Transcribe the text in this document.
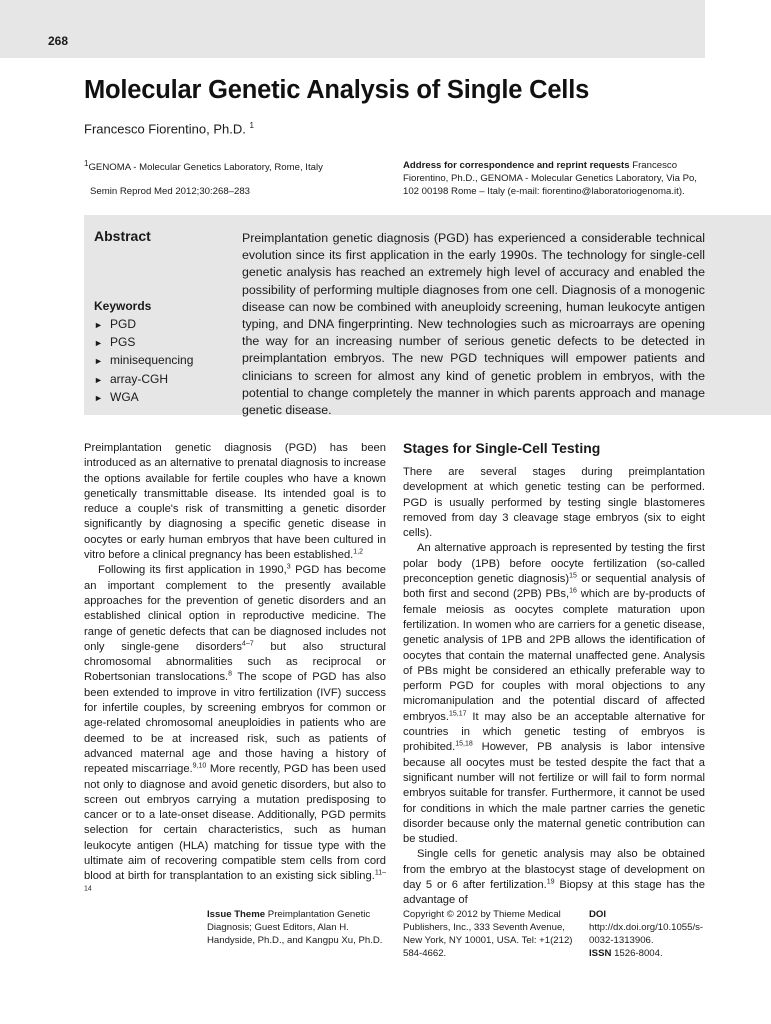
268
Molecular Genetic Analysis of Single Cells
Francesco Fiorentino, Ph.D. $^1$
$^1$GENOMA - Molecular Genetics Laboratory, Rome, Italy
Semin Reprod Med 2012;30:268–283
Address for correspondence and reprint requests Francesco Fiorentino, Ph.D., GENOMA - Molecular Genetics Laboratory, Via Po, 102 00198 Rome – Italy (e-mail: fiorentino@laboratoriogenoma.it).
Abstract
Keywords
► PGD
► PGS
► minisequencing
► array-CGH
► WGA

Preimplantation genetic diagnosis (PGD) has experienced a considerable technical evolution since its first application in the early 1990s. The technology for single-cell genetic analysis has reached an extremely high level of accuracy and enabled the possibility of performing multiple diagnoses from one cell. Diagnosis of a monogenic disease can now be combined with aneuploidy screening, human leukocyte antigen typing, and DNA fingerprinting. New technologies such as microarrays are opening the way for an increasing number of serious genetic defects to be detected in preimplantation embryos. The new PGD techniques will empower patients and clinicians to screen for almost any kind of genetic problem in embryos, with the potential to change completely the manner in which parents approach and manage genetic disease.

Preimplantation genetic diagnosis (PGD) has been introduced as an alternative to prenatal diagnosis to increase the options available for fertile couples who have a known genetically transmittable disease. Its intended goal is to reduce a couple's risk of transmitting a genetic disorder significantly by diagnosing a specific genetic disease in oocytes or early human embryos that have been cultured in vitro before a clinical pregnancy has been established.$^{1,2}$

Following its first application in 1990,$^3$ PGD has become an important complement to the presently available approaches for the prevention of genetic disorders and an established clinical option in reproductive medicine. The range of genetic defects that can be diagnosed includes not only single-gene disorders$^{4-7}$ but also structural chromosomal abnormalities such as reciprocal or Robertsonian translocations.$^8$ The scope of PGD has also been extended to improve in vitro fertilization (IVF) success for infertile couples, by screening embryos for common or age-related chromosomal aneuploidies in patients who are deemed to be at increased risk, such as patients of advanced maternal age and those having a history of repeated miscarriage.$^{9,10}$ More recently, PGD has been used not only to diagnose and avoid genetic disorders, but also to screen out embryos carrying a mutation predisposing to cancer or to a late-onset disease. Additionally, PGD permits selection for certain characteristics, such as human leukocyte antigen (HLA) matching for tissue type with the ultimate aim of recovering compatible stem cells from cord blood at birth for transplantation to an existing sick sibling.$^{11-14}$

Stages for Single-Cell Testing

There are several stages during preimplantation development at which genetic testing can be performed. PGD is usually performed by testing single blastomeres removed from day 3 cleavage stage embryos (six to eight cells).

An alternative approach is represented by testing the first polar body (1PB) before oocyte fertilization (so-called preconception genetic diagnosis)$^{15}$ or sequential analysis of both first and second (2PB) PBs,$^{16}$ which are by-products of female meiosis as oocytes complete maturation upon fertilization. In women who are carriers for a genetic disease, genetic analysis of 1PB and 2PB allows the identification of oocytes that contain the maternal unaffected gene. Analysis of PBs might be considered an ethically preferable way to perform PGD for couples with moral objections to any micromanipulation and the potential discard of affected embryos.$^{15,17}$ It may also be an acceptable alternative for countries in which genetic testing of embryos is prohibited.$^{15,18}$ However, PB analysis is labor intensive because all oocytes must be tested despite the fact that a significant number will not fertilize or will fail to form normal embryos suitable for transfer. Furthermore, it cannot be used for conditions in which the male partner carries the genetic disorder because only the maternal genetic contribution can be studied.

Single cells for genetic analysis may also be obtained from the embryo at the blastocyst stage of development on day 5 or 6 after fertilization.$^{19}$ Biopsy at this stage has the advantage of

Issue Theme Preimplantation Genetic Diagnosis; Guest Editors, Alan H. Handyside, Ph.D., and Kangpu Xu, Ph.D.
Copyright © 2012 by Thieme Medical Publishers, Inc., 333 Seventh Avenue, New York, NY 10001, USA. Tel: +1(212) 584-4662.
DOI http://dx.doi.org/10.1055/s-0032-1313906.
ISSN 1526-8004.
